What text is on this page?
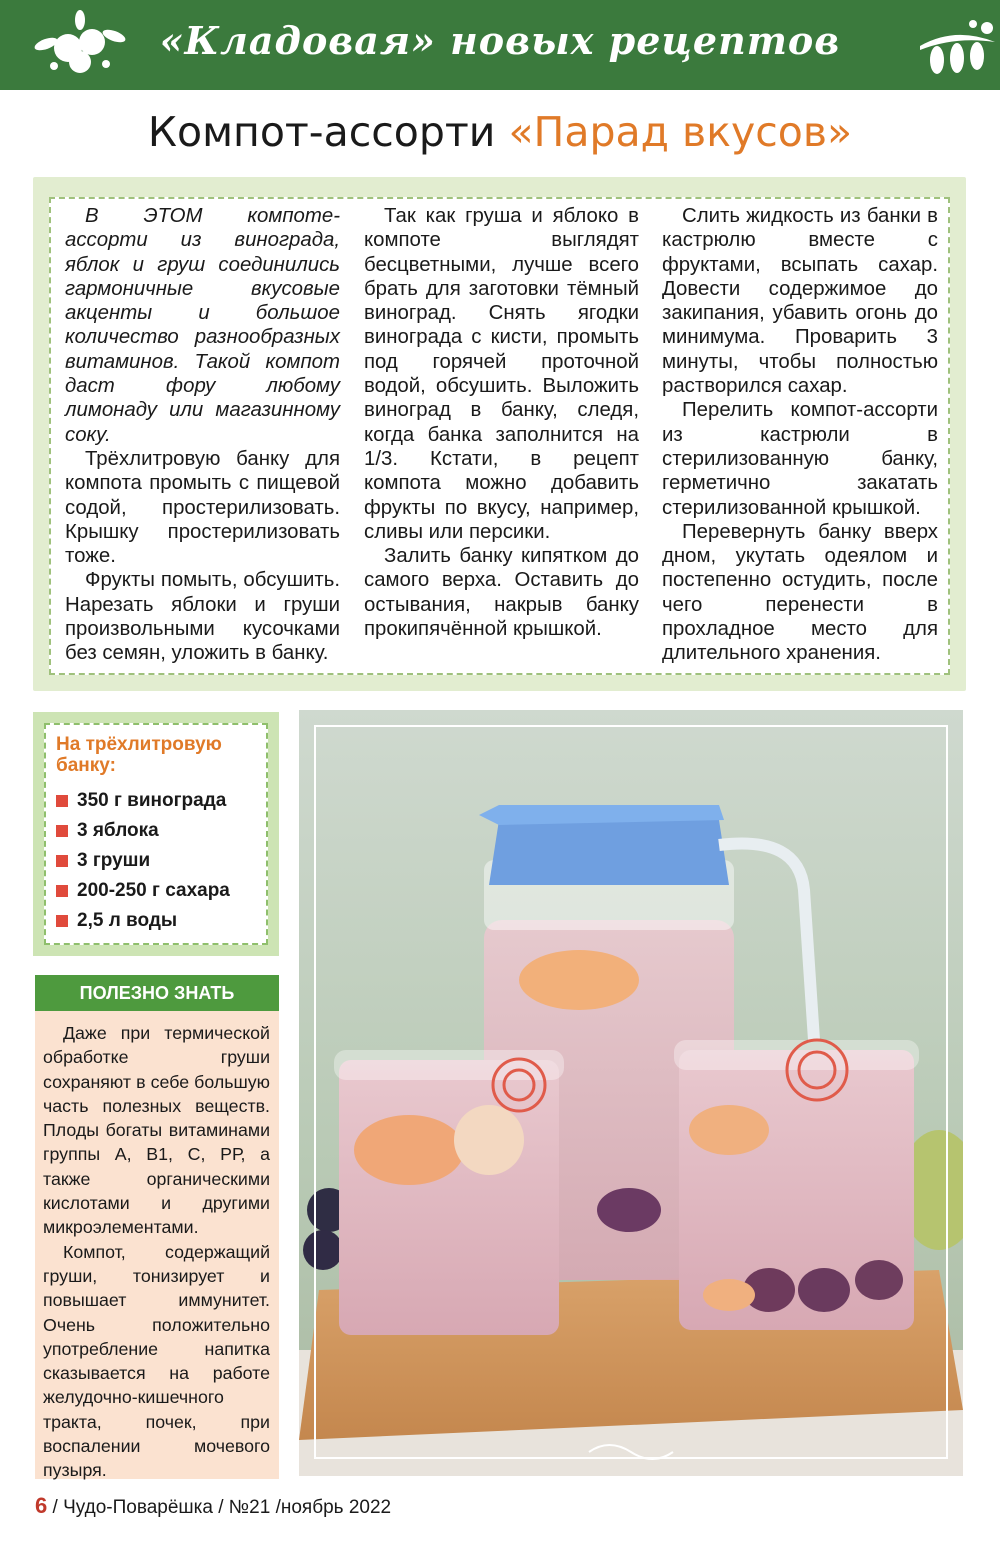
«Кладовая» новых рецептов
Компот-ассорти «Парад вкусов»

В ЭТОМ компоте-ассорти из винограда, яблок и груш соединились гармоничные вкусовые акценты и большое количество разнообразных витаминов. Такой компот даст фору любому лимонаду или магазинному соку.

Трёхлитровую банку для компота промыть с пищевой содой, простерилизовать. Крышку простерилизовать тоже.

Фрукты помыть, обсушить. Нарезать яблоки и груши произвольными кусочками без семян, уложить в банку.

Так как груша и яблоко в компоте выглядят бесцветными, лучше всего брать для заготовки тёмный виноград. Снять ягодки винограда с кисти, промыть под горячей проточной водой, обсушить. Выложить виноград в банку, следя, когда банка заполнится на 1/3. Кстати, в рецепт компота можно добавить фрукты по вкусу, например, сливы или персики.

Залить банку кипятком до самого верха. Оставить до остывания, накрыв банку прокипячённой крышкой.

Слить жидкость из банки в кастрюлю вместе с фруктами, всыпать сахар. Довести содержимое до закипания, убавить огонь до минимума. Проварить 3 минуты, чтобы полностью растворился сахар.

Перелить компот-ассорти из кастрюли в стерилизованную банку, герметично закатать стерилизованной крышкой.

Перевернуть банку вверх дном, укутать одеялом и постепенно остудить, после чего перенести в прохладное место для длительного хранения.

На трёхлитровую банку:
350 г винограда
3 яблока
3 груши
200-250 г сахара
2,5 л воды
ПОЛЕЗНО ЗНАТЬ

Даже при термической обработке груши сохраняют в себе большую часть полезных веществ. Плоды богаты витаминами группы А, В1, С, РР, а также органическими кислотами и другими микроэлементами.

Компот, содержащий груши, тонизирует и повышает иммунитет. Очень положительно употребление напитка сказывается на работе желудочно-кишечного тракта, почек, при воспалении мочевого пузыря.

6 / Чудо-Поварёшка / №21 /ноябрь 2022
